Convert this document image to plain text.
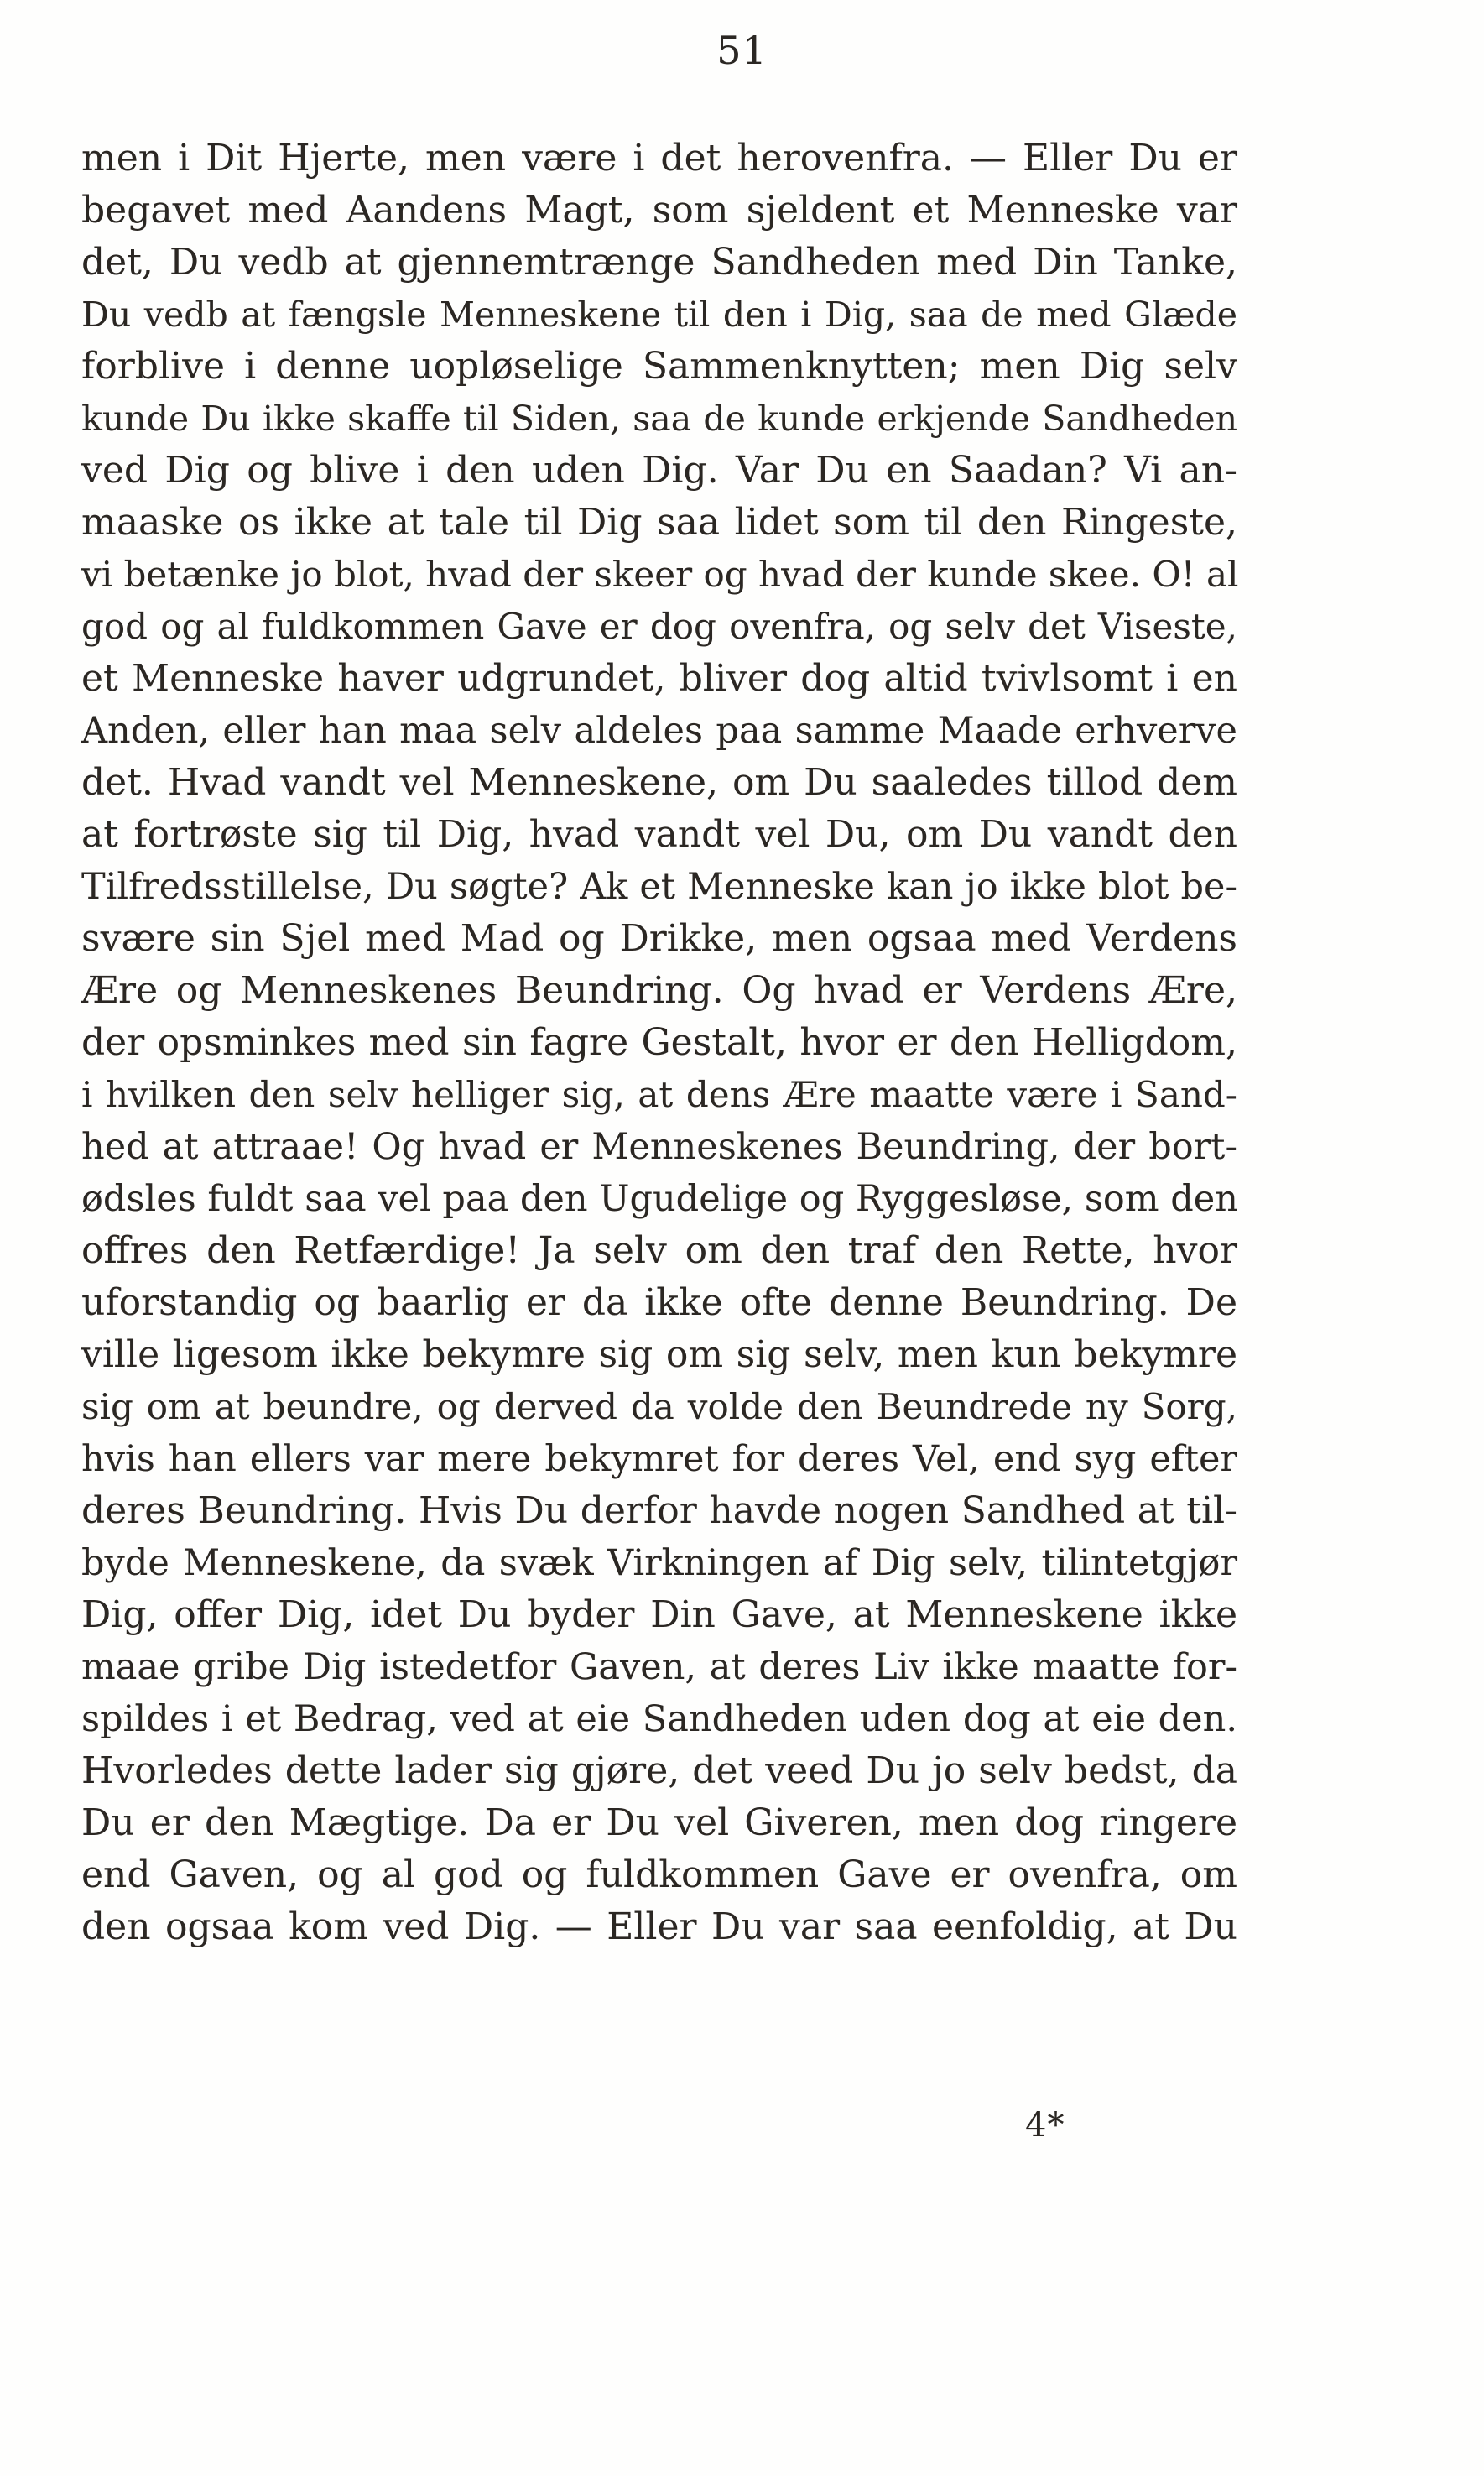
51
men i Dit Hjerte, men være i det herovenfra. — Eller Du er
begavet med Aandens Magt, som sjeldent et Menneske var
det, Du vedb at gjennemtrænge Sandheden med Din Tanke,
Du vedb at fængsle Menneskene til den i Dig, saa de med Glæde
forblive i denne uopløselige Sammenknytten; men Dig selv
kunde Du ikke skaffe til Siden, saa de kunde erkjende Sandheden
ved Dig og blive i den uden Dig. Var Du en Saadan? Vi an-
maaske os ikke at tale til Dig saa lidet som til den Ringeste,
vi betænke jo blot, hvad der skeer og hvad der kunde skee. O! al
god og al fuldkommen Gave er dog ovenfra, og selv det Viseste,
et Menneske haver udgrundet, bliver dog altid tvivlsomt i en
Anden, eller han maa selv aldeles paa samme Maade erhverve
det. Hvad vandt vel Menneskene, om Du saaledes tillod dem
at fortrøste sig til Dig, hvad vandt vel Du, om Du vandt den
Tilfredsstillelse, Du søgte? Ak et Menneske kan jo ikke blot be-
svære sin Sjel med Mad og Drikke, men ogsaa med Verdens
Ære og Menneskenes Beundring. Og hvad er Verdens Ære,
der opsminkes med sin fagre Gestalt, hvor er den Helligdom,
i hvilken den selv helliger sig, at dens Ære maatte være i Sand-
hed at attraae! Og hvad er Menneskenes Beundring, der bort-
ødsles fuldt saa vel paa den Ugudelige og Ryggesløse, som den
offres den Retfærdige! Ja selv om den traf den Rette, hvor
uforstandig og baarlig er da ikke ofte denne Beundring. De
ville ligesom ikke bekymre sig om sig selv, men kun bekymre
sig om at beundre, og derved da volde den Beundrede ny Sorg,
hvis han ellers var mere bekymret for deres Vel, end syg efter
deres Beundring. Hvis Du derfor havde nogen Sandhed at til-
byde Menneskene, da svæk Virkningen af Dig selv, tilintetgjør
Dig, offer Dig, idet Du byder Din Gave, at Menneskene ikke
maae gribe Dig istedetfor Gaven, at deres Liv ikke maatte for-
spildes i et Bedrag, ved at eie Sandheden uden dog at eie den.
Hvorledes dette lader sig gjøre, det veed Du jo selv bedst, da
Du er den Mægtige. Da er Du vel Giveren, men dog ringere
end Gaven, og al god og fuldkommen Gave er ovenfra, om
den ogsaa kom ved Dig. — Eller Du var saa eenfoldig, at Du
4*
